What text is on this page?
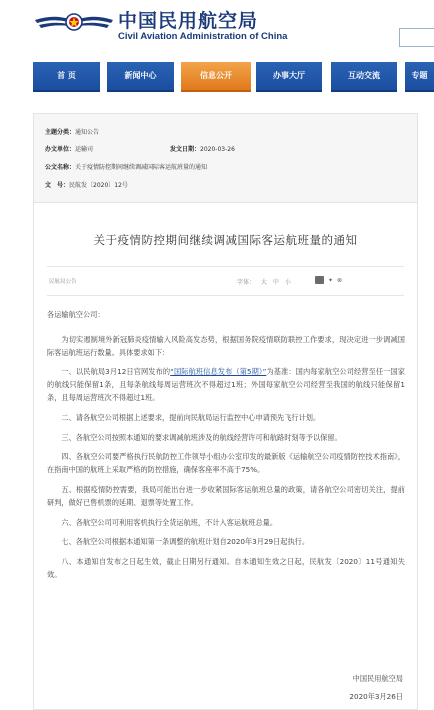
中国民用航空局
Civil Aviation Administration of China
首 页	新闻中心	信息公开	办事大厅	互动交流	专题
主题分类：通知公告
办文单位：运输司	发文日期：2020-03-26
公文名称：关于疫情防控期间继续调减国际客运航班量的通知
文　号：民航发〔2020〕12号
关于疫情防控期间继续调减国际客运航班量的通知
民航局公告	字体： 大 中 小	✦ ⊗

各运输航空公司：

为切实遏制境外新冠肺炎疫情输入风险高发态势，根据国务院疫情联防联控工作要求，现决定进一步调减国际客运航班运行数量。具体要求如下：

一、以民航局3月12日官网发布的“国际航班信息发布（第5期）”为基准：国内每家航空公司经营至任一国家的航线只能保留1条，且每条航线每周运营班次不得超过1班；外国每家航空公司经营至我国的航线只能保留1条，且每周运营班次不得超过1班。

二、请各航空公司根据上述要求，提前向民航局运行监控中心申请预先飞行计划。

三、各航空公司按照本通知的要求调减航班涉及的航线经营许可和航路时刻等予以保留。

四、各航空公司要严格执行民航防控工作领导小组办公室印发的最新版《运输航空公司疫情防控技术指南》，在指南中国的航班上采取严格的防控措施，确保客座率不高于75%。

五、根据疫情防控需要，我局可能出台进一步收紧国际客运航班总量的政策，请各航空公司密切关注，提前研判，做好已售机票的延期、退票等处置工作。

六、各航空公司可利用客机执行全货运航班，不计入客运航班总量。

七、各航空公司根据本通知第一条调整的航班计划自2020年3月29日起执行。

八、本通知自发布之日起生效，截止日期另行通知。自本通知生效之日起，民航发〔2020〕11号通知失效。

中国民用航空局
2020年3月26日
